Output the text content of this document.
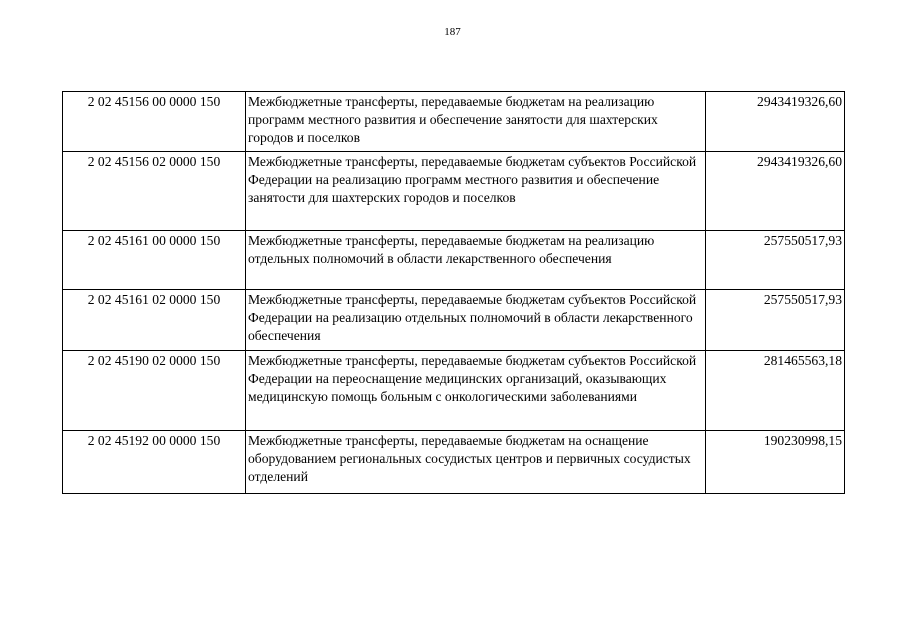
187
2 02 45156 00 0000 150	Межбюджетные трансферты, передаваемые бюджетам на реализацию программ местного развития и обеспечение занятости для шахтерских городов и поселков	2943419326,60
2 02 45156 02 0000 150	Межбюджетные трансферты, передаваемые бюджетам субъектов Российской Федерации на реализацию программ местного развития и обеспечение занятости для шахтерских городов и поселков	2943419326,60
2 02 45161 00 0000 150	Межбюджетные трансферты, передаваемые бюджетам на реализацию отдельных полномочий в области лекарственного обеспечения	257550517,93
2 02 45161 02 0000 150	Межбюджетные трансферты, передаваемые бюджетам субъектов Российской Федерации на реализацию отдельных полномочий в области лекарственного обеспечения	257550517,93
2 02 45190 02 0000 150	Межбюджетные трансферты, передаваемые бюджетам субъектов Российской Федерации на переоснащение медицинских организаций, оказывающих медицинскую помощь больным с онкологическими заболеваниями	281465563,18
2 02 45192 00 0000 150	Межбюджетные трансферты, передаваемые бюджетам на оснащение оборудованием региональных сосудистых центров и первичных сосудистых отделений	190230998,15
